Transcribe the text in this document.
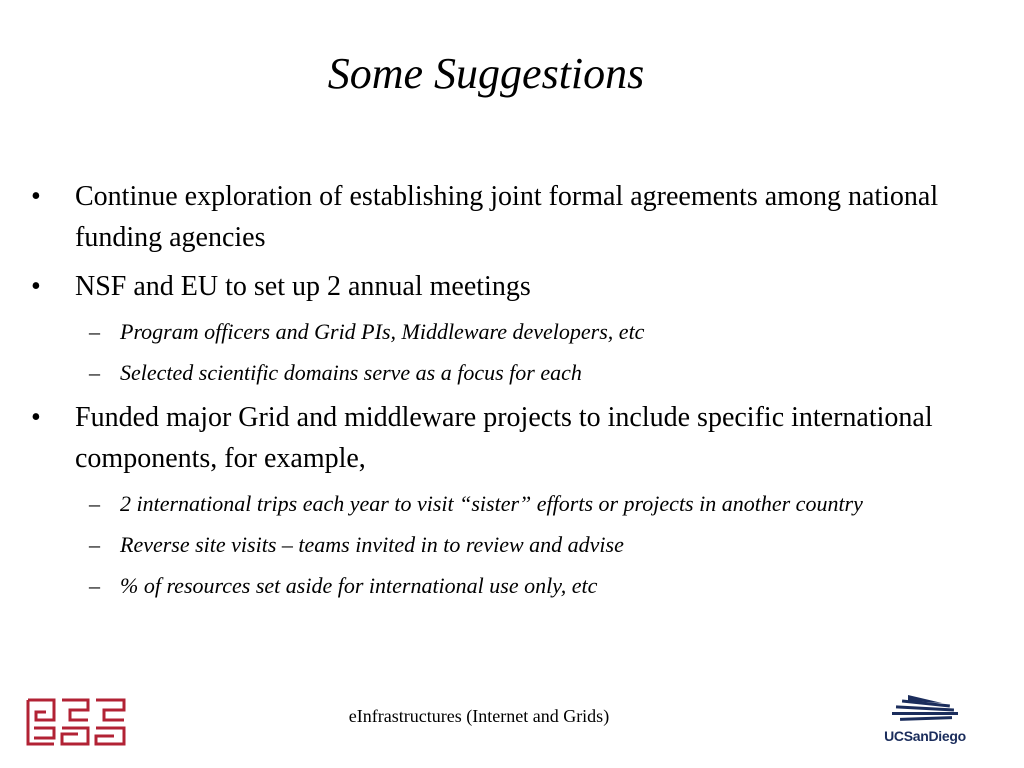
Some Suggestions
• Continue exploration of establishing joint formal agreements among national funding agencies
• NSF and EU to set up 2 annual meetings
– Program officers and Grid PIs, Middleware developers, etc
– Selected scientific domains serve as a focus for each
• Funded major Grid and middleware projects to include specific international components, for example,
– 2 international trips each year to visit “sister” efforts or projects in another country
– Reverse site visits – teams invited in to review and advise
– % of resources set aside for international use only, etc
eInfrastructures (Internet and Grids)
UCSanDiego
